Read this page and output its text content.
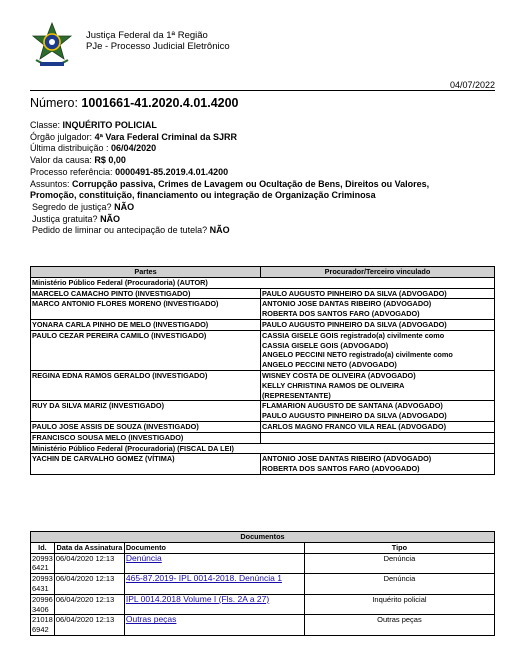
Justiça Federal da 1ª Região
PJe - Processo Judicial Eletrônico
04/07/2022
Número: 1001661-41.2020.4.01.4200
Classe: INQUÉRITO POLICIAL
Órgão julgador: 4ª Vara Federal Criminal da SJRR
Última distribuição : 06/04/2020
Valor da causa: R$ 0,00
Processo referência: 0000491-85.2019.4.01.4200
Assuntos: Corrupção passiva, Crimes de Lavagem ou Ocultação de Bens, Direitos ou Valores,
Promoção, constituição, financiamento ou integração de Organização Criminosa
Segredo de justiça? NÃO
Justiça gratuita? NÃO
Pedido de liminar ou antecipação de tutela? NÃO
Partes	Procurador/Terceiro vinculado
Ministério Público Federal (Procuradoria) (AUTOR)	
MARCELO CAMACHO PINTO (INVESTIGADO)	PAULO AUGUSTO PINHEIRO DA SILVA (ADVOGADO)

MARCO ANTONIO FLORES MORENO (INVESTIGADO)	ANTONIO JOSE DANTAS RIBEIRO (ADVOGADO)
ROBERTA DOS SANTOS FARO (ADVOGADO)

YONARA CARLA PINHO DE MELO (INVESTIGADO)	PAULO AUGUSTO PINHEIRO DA SILVA (ADVOGADO)

PAULO CEZAR PEREIRA CAMILO (INVESTIGADO)	CASSIA GISELE GOIS registrado(a) civilmente como
CASSIA GISELE GOIS (ADVOGADO)
ANGELO PECCINI NETO registrado(a) civilmente como
ANGELO PECCINI NETO (ADVOGADO)

REGINA EDNA RAMOS GERALDO (INVESTIGADO)	WISNEY COSTA DE OLIVEIRA (ADVOGADO)
KELLY CHRISTINA RAMOS DE OLIVEIRA
(REPRESENTANTE)

RUY DA SILVA MARIZ (INVESTIGADO)	FLAMARION AUGUSTO DE SANTANA (ADVOGADO)
PAULO AUGUSTO PINHEIRO DA SILVA (ADVOGADO)

PAULO JOSE ASSIS DE SOUZA (INVESTIGADO)	CARLOS MAGNO FRANCO VILA REAL (ADVOGADO)

FRANCISCO SOUSA MELO (INVESTIGADO)	
Ministério Público Federal (Procuradoria) (FISCAL DA LEI)	
YACHIN DE CARVALHO GOMEZ (VÍTIMA)	ANTONIO JOSE DANTAS RIBEIRO (ADVOGADO)
ROBERTA DOS SANTOS FARO (ADVOGADO)
Documentos			
Id.	Data da Assinatura	Documento	Tipo
20993 6421	06/04/2020 12:13	Denúncia	Denúncia
20993 6431	06/04/2020 12:13	465-87.2019- IPL 0014-2018. Denúncia 1	Denúncia
20996 3406	06/04/2020 12:13	IPL 0014.2018 Volume I (Fls. 2A a 27)	Inquérito policial
21018 6942	06/04/2020 12:13	Outras peças	Outras peças
